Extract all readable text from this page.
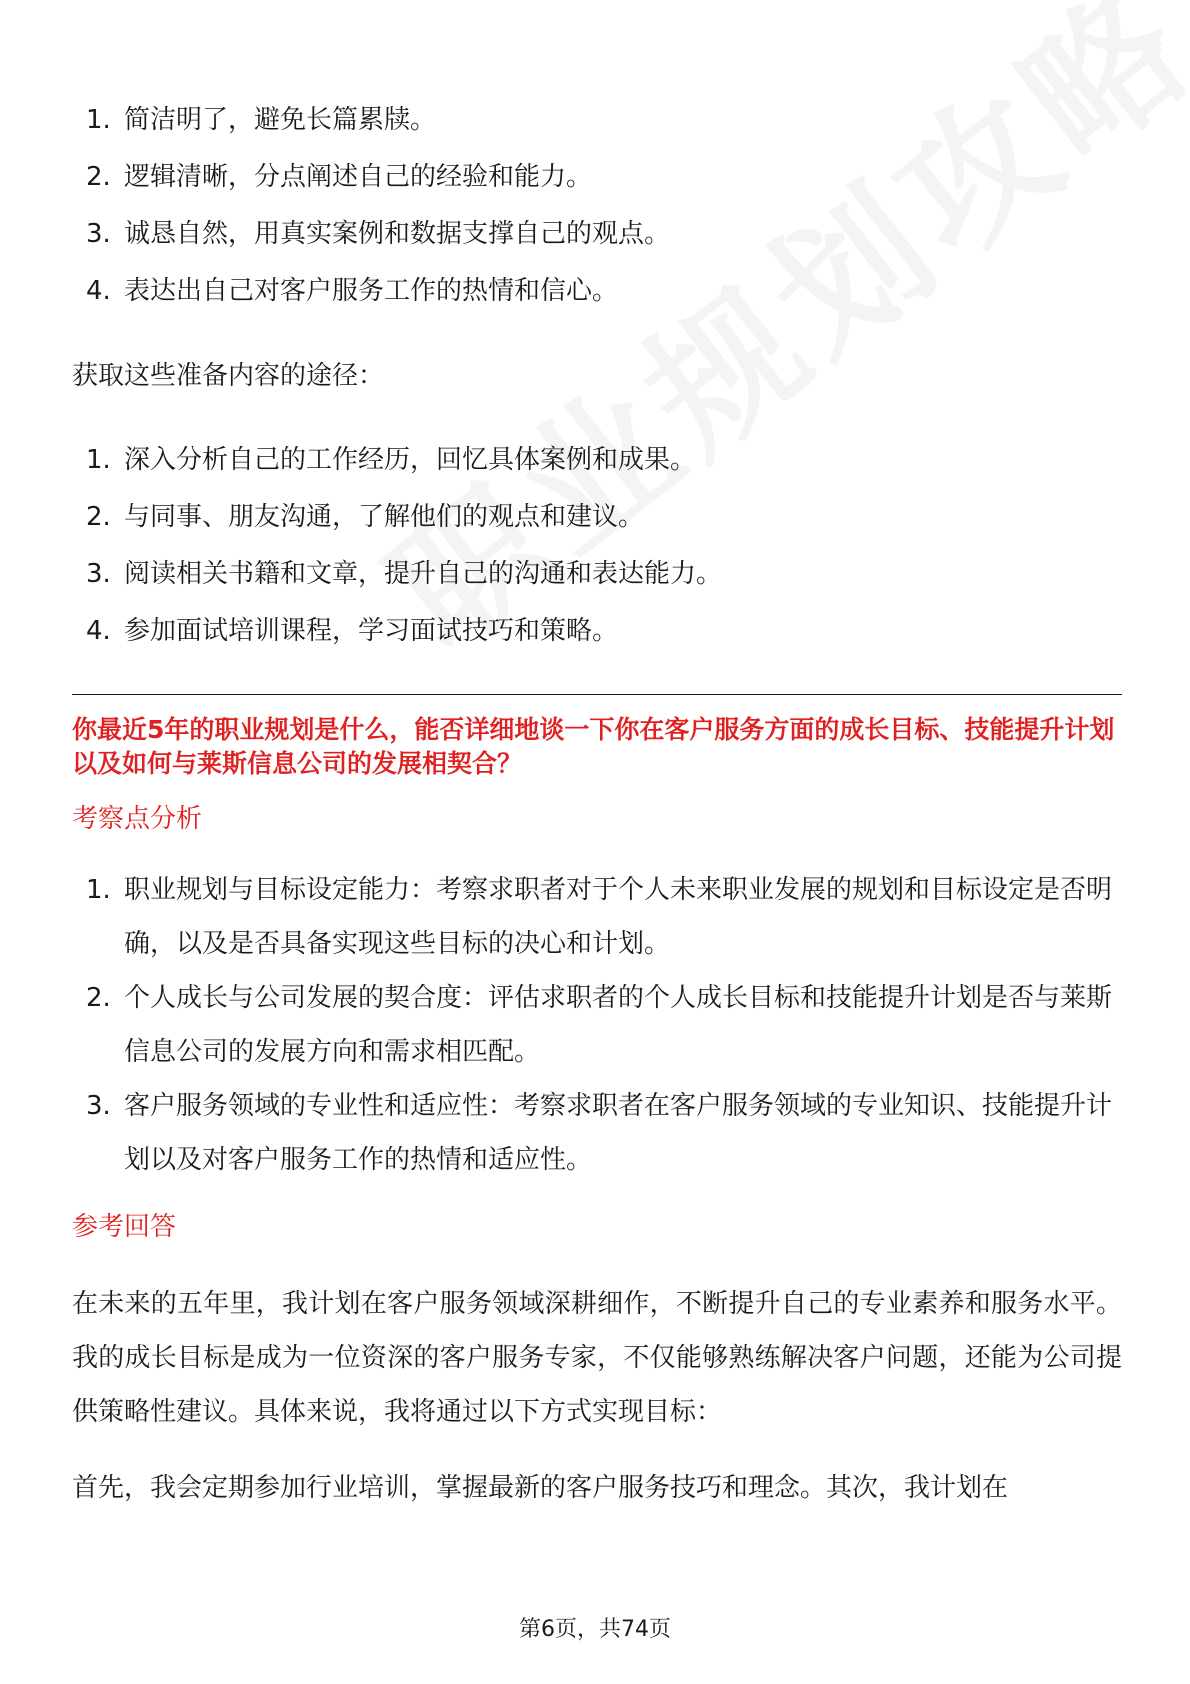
1. 简洁明了，避免长篇累牍。
2. 逻辑清晰，分点阐述自己的经验和能力。
3. 诚恳自然，用真实案例和数据支撑自己的观点。
4. 表达出自己对客户服务工作的热情和信心。
获取这些准备内容的途径：
1. 深入分析自己的工作经历，回忆具体案例和成果。
2. 与同事、朋友沟通，了解他们的观点和建议。
3. 阅读相关书籍和文章，提升自己的沟通和表达能力。
4. 参加面试培训课程，学习面试技巧和策略。
你最近5年的职业规划是什么，能否详细地谈一下你在客户服务方面的成长目标、技能提升计划以及如何与莱斯信息公司的发展相契合？
考察点分析
1. 职业规划与目标设定能力：考察求职者对于个人未来职业发展的规划和目标设定是否明确，以及是否具备实现这些目标的决心和计划。
2. 个人成长与公司发展的契合度：评估求职者的个人成长目标和技能提升计划是否与莱斯信息公司的发展方向和需求相匹配。
3. 客户服务领域的专业性和适应性：考察求职者在客户服务领域的专业知识、技能提升计划以及对客户服务工作的热情和适应性。
参考回答

在未来的五年里，我计划在客户服务领域深耕细作，不断提升自己的专业素养和服务水平。我的成长目标是成为一位资深的客户服务专家，不仅能够熟练解决客户问题，还能为公司提供策略性建议。具体来说，我将通过以下方式实现目标：

首先，我会定期参加行业培训，掌握最新的客户服务技巧和理念。其次，我计划在

第6页，共74页
